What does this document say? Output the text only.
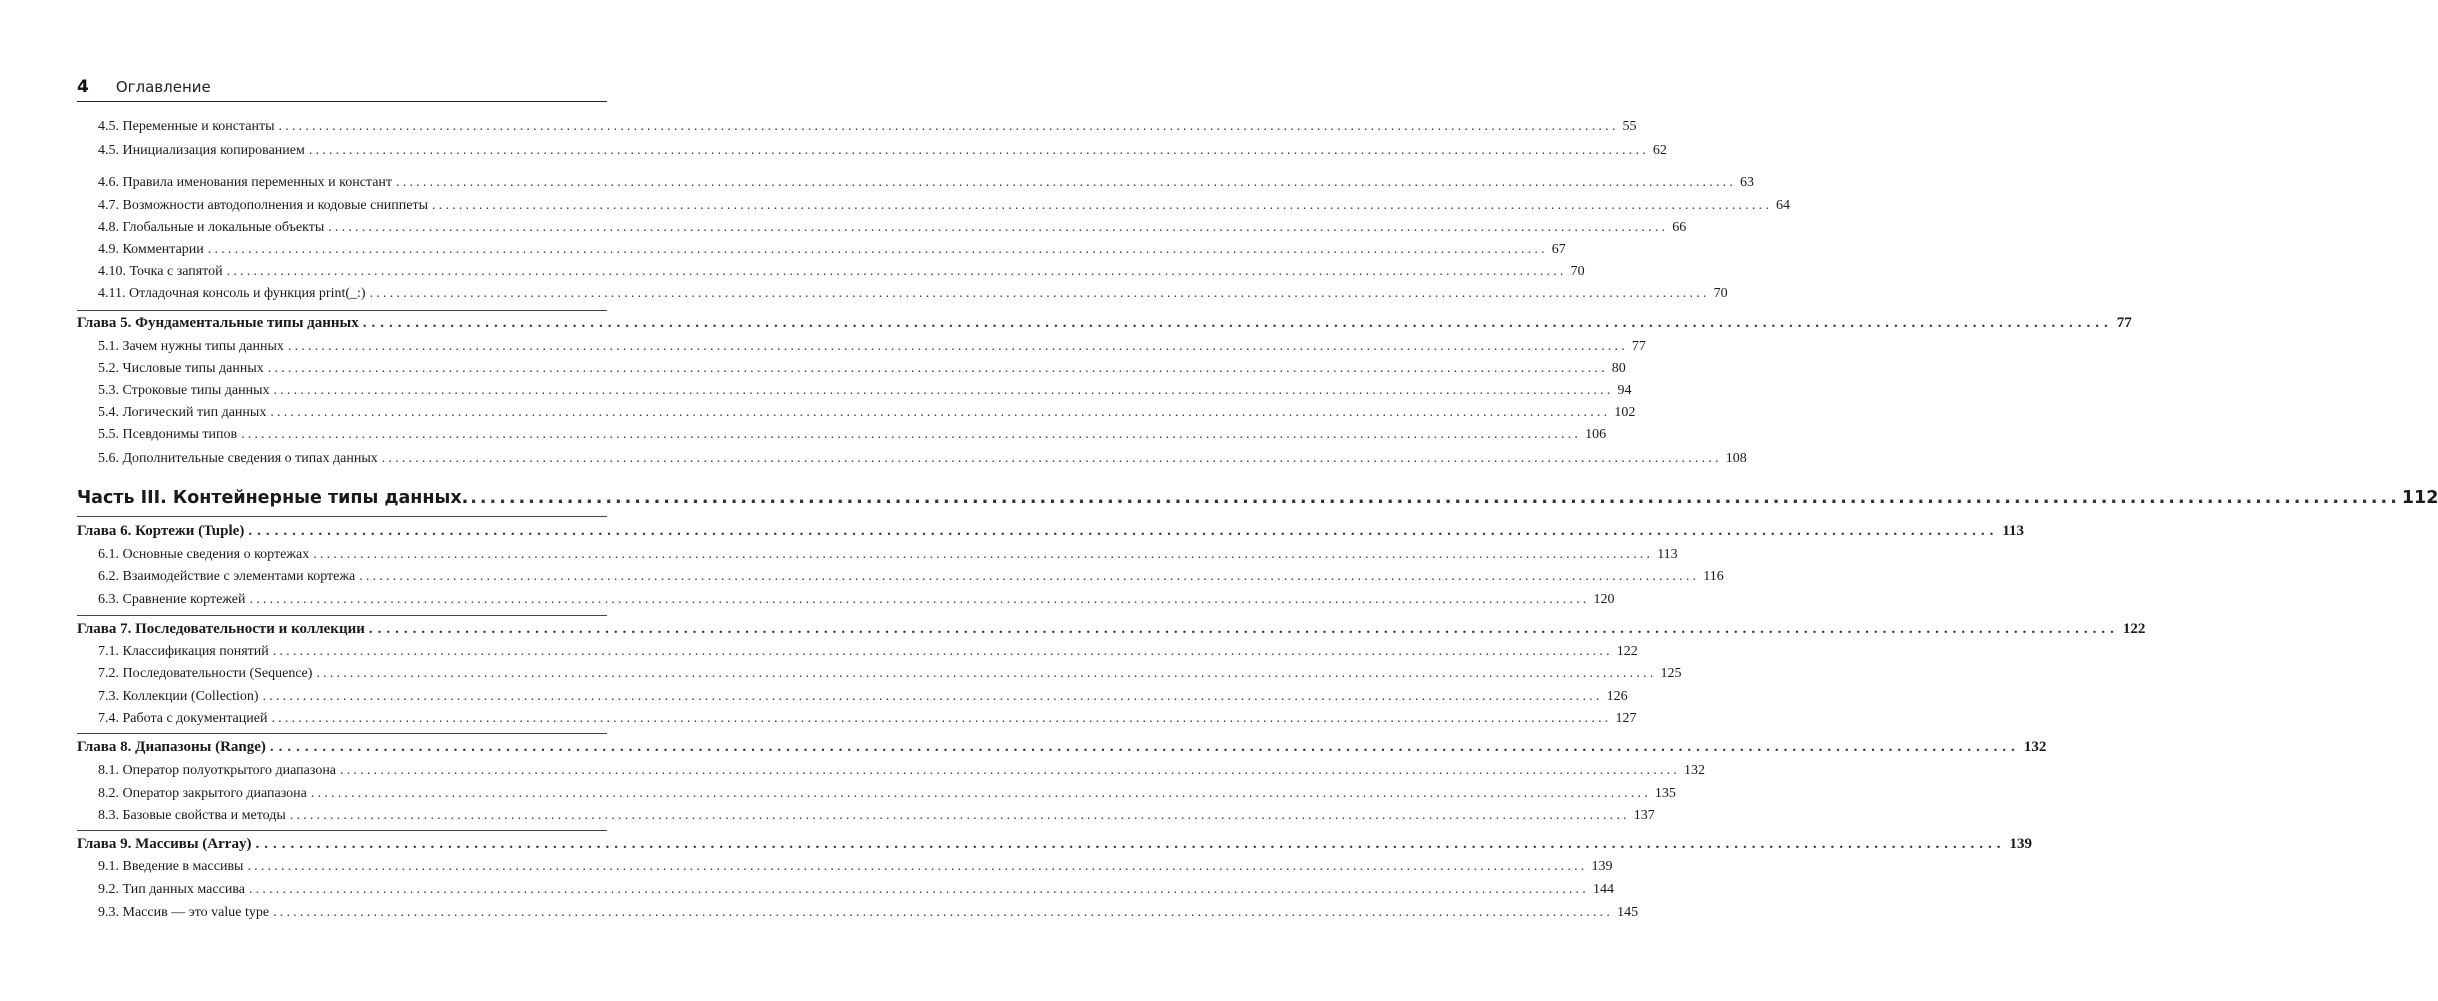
4 Оглавление
4.5. Переменные и константы ........................................................................................................................................................................................................ 55
4.5. Инициализация копированием ........................................................................................................................................................................................................ 62
4.6. Правила именования переменных и констант ........................................................................................................................................................................................................ 63
4.7. Возможности автодополнения и кодовые сниппеты ........................................................................................................................................................................................................ 64
4.8. Глобальные и локальные объекты ........................................................................................................................................................................................................ 66
4.9. Комментарии ........................................................................................................................................................................................................ 67
4.10. Точка с запятой ........................................................................................................................................................................................................ 70
4.11. Отладочная консоль и функция print(_:) ........................................................................................................................................................................................................ 70
Глава 5. Фундаментальные типы данных ........................................................................................................................................................................................................ 77
5.1. Зачем нужны типы данных ........................................................................................................................................................................................................ 77
5.2. Числовые типы данных ........................................................................................................................................................................................................ 80
5.3. Строковые типы данных ........................................................................................................................................................................................................ 94
5.4. Логический тип данных ........................................................................................................................................................................................................ 102
5.5. Псевдонимы типов ........................................................................................................................................................................................................ 106
5.6. Дополнительные сведения о типах данных ........................................................................................................................................................................................................ 108
Часть III. Контейнерные типы данных. ........................................................................................................................................................................................................ 112
Глава 6. Кортежи (Tuple) ........................................................................................................................................................................................................ 113
6.1. Основные сведения о кортежах ........................................................................................................................................................................................................ 113
6.2. Взаимодействие с элементами кортежа ........................................................................................................................................................................................................ 116
6.3. Сравнение кортежей ........................................................................................................................................................................................................ 120
Глава 7. Последовательности и коллекции ........................................................................................................................................................................................................ 122
7.1. Классификация понятий ........................................................................................................................................................................................................ 122
7.2. Последовательности (Sequence) ........................................................................................................................................................................................................ 125
7.3. Коллекции (Collection) ........................................................................................................................................................................................................ 126
7.4. Работа с документацией ........................................................................................................................................................................................................ 127
Глава 8. Диапазоны (Range) ........................................................................................................................................................................................................ 132
8.1. Оператор полуоткрытого диапазона ........................................................................................................................................................................................................ 132
8.2. Оператор закрытого диапазона ........................................................................................................................................................................................................ 135
8.3. Базовые свойства и методы ........................................................................................................................................................................................................ 137
Глава 9. Массивы (Array) ........................................................................................................................................................................................................ 139
9.1. Введение в массивы ........................................................................................................................................................................................................ 139
9.2. Тип данных массива ........................................................................................................................................................................................................ 144
9.3. Массив — это value type ........................................................................................................................................................................................................ 145
